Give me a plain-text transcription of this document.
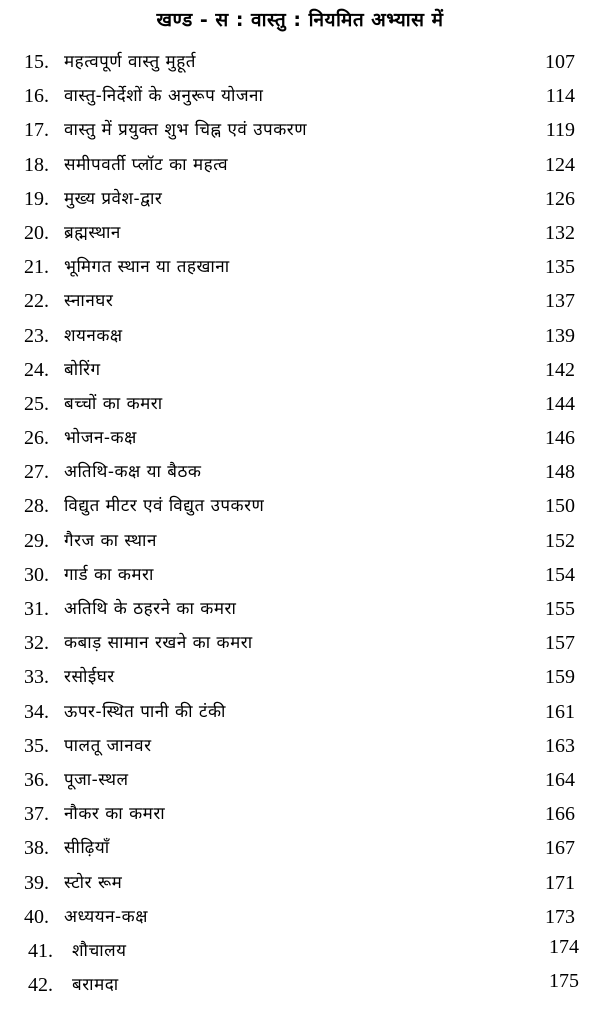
खण्ड - स : वास्तु : नियमित अभ्यास में
15. महत्वपूर्ण वास्तु मुहूर्त	107
16. वास्तु-निर्देशों के अनुरूप योजना	114
17. वास्तु में प्रयुक्त शुभ चिह्न एवं उपकरण	119
18. समीपवर्ती प्लॉट का महत्व	124
19. मुख्य प्रवेश-द्वार	126
20. ब्रह्मस्थान	132
21. भूमिगत स्थान या तहखाना	135
22. स्नानघर	137
23. शयनकक्ष	139
24. बोरिंग	142
25. बच्चों का कमरा	144
26. भोजन-कक्ष	146
27. अतिथि-कक्ष या बैठक	148
28. विद्युत मीटर एवं विद्युत उपकरण	150
29. गैरज का स्थान	152
30. गार्ड का कमरा	154
31. अतिथि के ठहरने का कमरा	155
32. कबाड़ सामान रखने का कमरा	157
33. रसोईघर	159
34. ऊपर-स्थित पानी की टंकी	161
35. पालतू जानवर	163
36. पूजा-स्थल	164
37. नौकर का कमरा	166
38. सीढ़ियाँ	167
39. स्टोर रूम	171
40. अध्ययन-कक्ष	173
41. शौचालय	174
42. बरामदा	175
